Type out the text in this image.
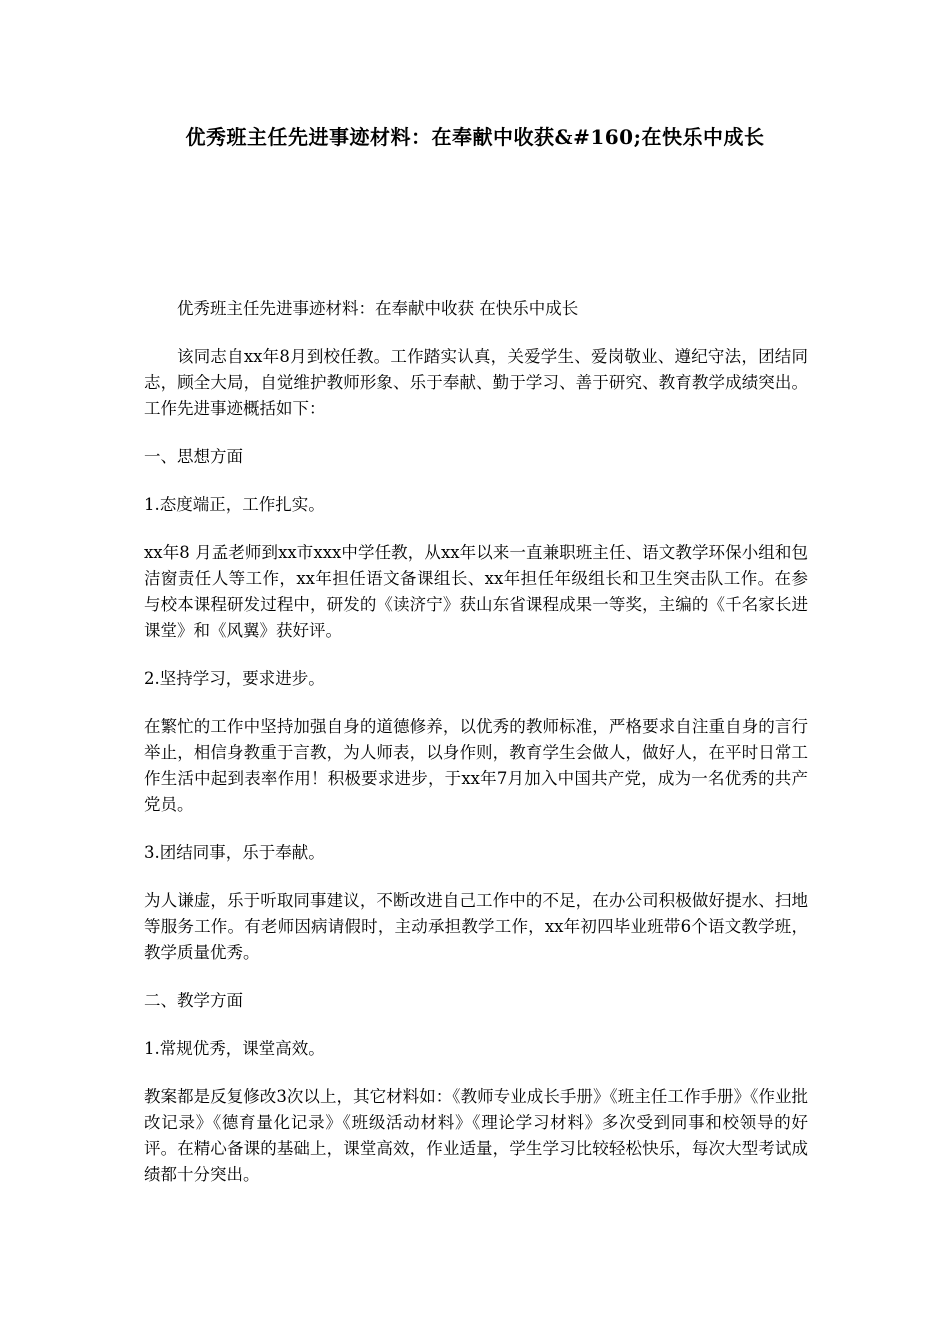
优秀班主任先进事迹材料：在奉献中收获&#160;在快乐中成长

优秀班主任先进事迹材料：在奉献中收获 在快乐中成长

该同志自xx年8月到校任教。工作踏实认真，关爱学生、爱岗敬业、遵纪守法，团结同志，顾全大局，自觉维护教师形象、乐于奉献、勤于学习、善于研究、教育教学成绩突出。工作先进事迹概括如下：

一、思想方面

1.态度端正，工作扎实。

xx年8 月孟老师到xx市xxx中学任教，从xx年以来一直兼职班主任、语文教学环保小组和包洁窗责任人等工作，xx年担任语文备课组长、xx年担任年级组长和卫生突击队工作。在参与校本课程研发过程中，研发的《读济宁》获山东省课程成果一等奖，主编的《千名家长进课堂》和《风翼》获好评。

2.坚持学习，要求进步。

在繁忙的工作中坚持加强自身的道德修养，以优秀的教师标准，严格要求自注重自身的言行举止，相信身教重于言教，为人师表，以身作则，教育学生会做人，做好人，在平时日常工作生活中起到表率作用！积极要求进步，于xx年7月加入中国共产党，成为一名优秀的共产党员。

3.团结同事，乐于奉献。

为人谦虚，乐于听取同事建议，不断改进自己工作中的不足，在办公司积极做好提水、扫地等服务工作。有老师因病请假时，主动承担教学工作，xx年初四毕业班带6个语文教学班，教学质量优秀。

二、教学方面

1.常规优秀，课堂高效。

教案都是反复修改3次以上，其它材料如：《教师专业成长手册》《班主任工作手册》《作业批改记录》《德育量化记录》《班级活动材料》《理论学习材料》多次受到同事和校领导的好评。在精心备课的基础上，课堂高效，作业适量，学生学习比较轻松快乐，每次大型考试成绩都十分突出。
